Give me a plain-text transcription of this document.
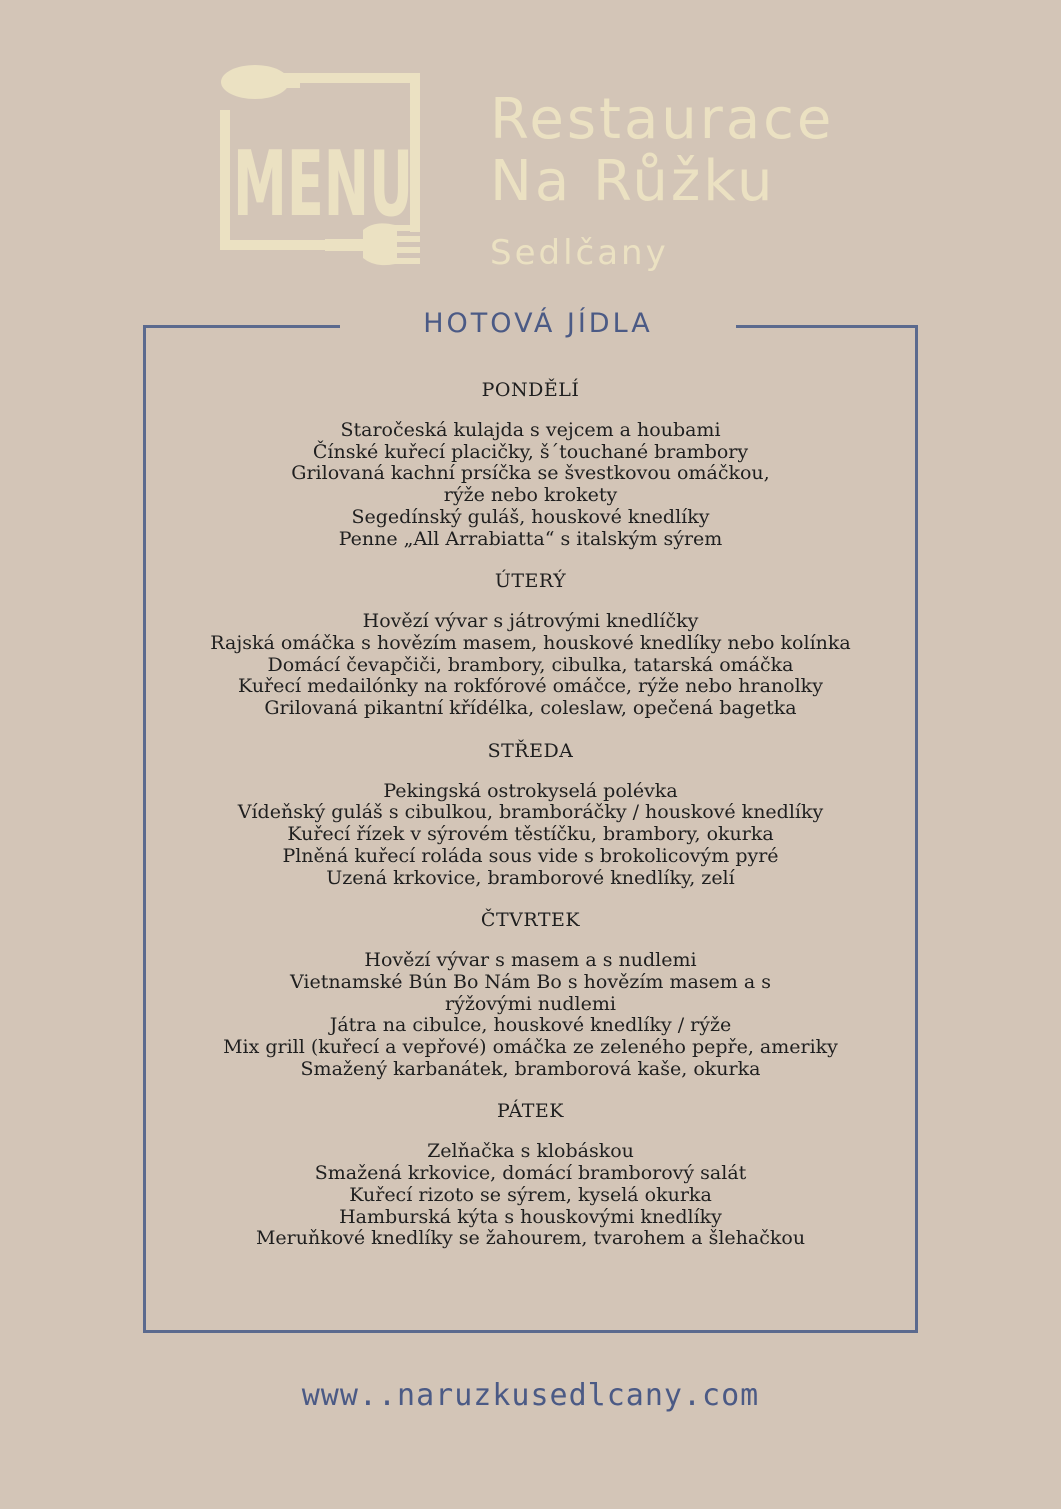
MENU
Restaurace
Na Růžku
Sedlčany
HOTOVÁ JÍDLA

PONDĚLÍ

Staročeská kulajda s vejcem a houbami

Čínské kuřecí placičky, š´touchané brambory

Grilovaná kachní prsíčka se švestkovou omáčkou,

rýže nebo krokety

Segedínský guláš, houskové knedlíky

Penne „All Arrabiatta“ s italským sýrem

ÚTERÝ

Hovězí vývar s játrovými knedlíčky

Rajská omáčka s hovězím masem, houskové knedlíky nebo kolínka

Domácí čevapčiči, brambory, cibulka, tatarská omáčka

Kuřecí medailónky na rokfórové omáčce, rýže nebo hranolky

Grilovaná pikantní křídélka, coleslaw, opečená bagetka

STŘEDA

Pekingská ostrokyselá polévka

Vídeňský guláš s cibulkou, bramboráčky / houskové knedlíky

Kuřecí řízek v sýrovém těstíčku, brambory, okurka

Plněná kuřecí roláda sous vide s brokolicovým pyré

Uzená krkovice, bramborové knedlíky, zelí

ČTVRTEK

Hovězí vývar s masem a s nudlemi

Vietnamské Bún Bo Nám Bo s hovězím masem a s

rýžovými nudlemi

Játra na cibulce, houskové knedlíky / rýže

Mix grill (kuřecí a vepřové) omáčka ze zeleného pepře, ameriky

Smažený karbanátek, bramborová kaše, okurka

PÁTEK

Zelňačka s klobáskou

Smažená krkovice, domácí bramborový salát

Kuřecí rizoto se sýrem, kyselá okurka

Hamburská kýta s houskovými knedlíky

Meruňkové knedlíky se žahourem, tvarohem a šlehačkou

www..naruzkusedlcany.com
